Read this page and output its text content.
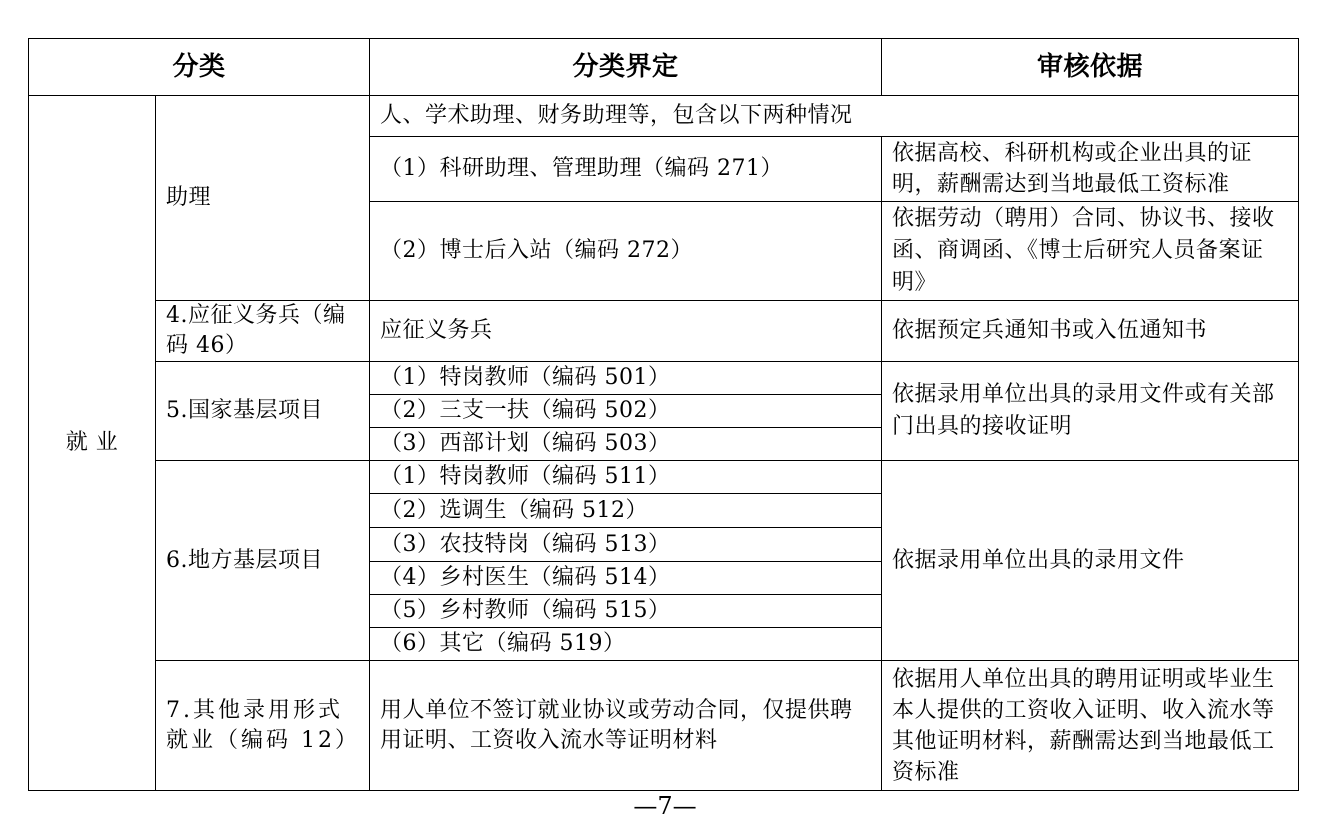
分类		分类界定	审核依据
就 业	助理	人、学术助理、财务助理等，包含以下两种情况	
		（1）科研助理、管理助理（编码 271）	依据高校、科研机构或企业出具的证明，薪酬需达到当地最低工资标准
		（2）博士后入站（编码 272）	依据劳动（聘用）合同、协议书、接收函、商调函、《博士后研究人员备案证明》
	4.应征义务兵（编码 46）	应征义务兵	依据预定兵通知书或入伍通知书
	5.国家基层项目	（1）特岗教师（编码 501）	依据录用单位出具的录用文件或有关部门出具的接收证明
		（2）三支一扶（编码 502）	
		（3）西部计划（编码 503）	
	6.地方基层项目	（1）特岗教师（编码 511）	依据录用单位出具的录用文件
		（2）选调生（编码 512）	
		（3）农技特岗（编码 513）	
		（4）乡村医生（编码 514）	
		（5）乡村教师（编码 515）	
		（6）其它（编码 519）	
	7.其他录用形式就业（编码 12）	用人单位不签订就业协议或劳动合同，仅提供聘用证明、工资收入流水等证明材料	依据用人单位出具的聘用证明或毕业生本人提供的工资收入证明、收入流水等其他证明材料，薪酬需达到当地最低工资标准
—7—
